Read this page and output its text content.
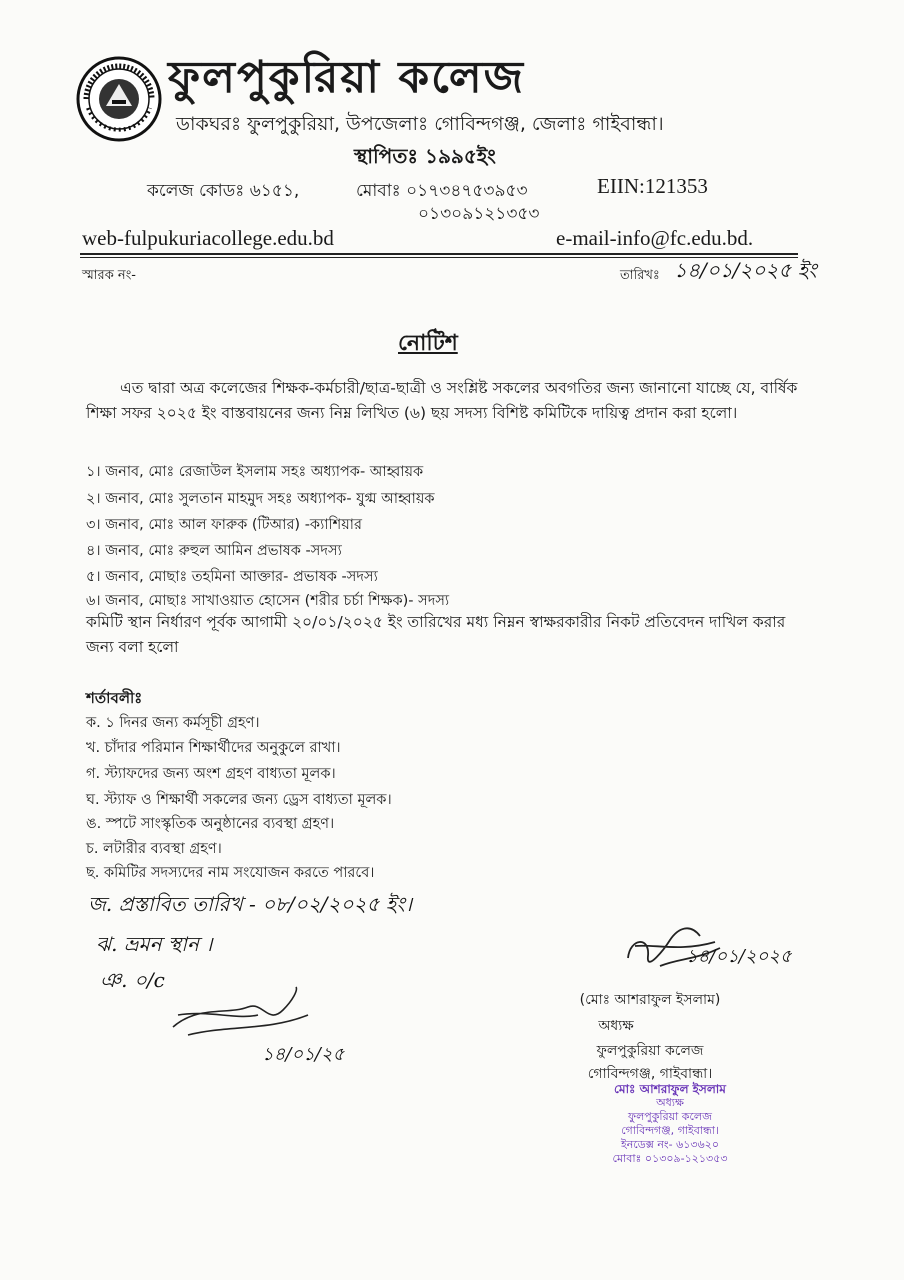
ফুলপুকুরিয়া কলেজ
ডাকঘরঃ ফুলপুকুরিয়া, উপজেলাঃ গোবিন্দগঞ্জ, জেলাঃ গাইবান্ধা।
স্থাপিতঃ ১৯৯৫ইং
কলেজ কোডঃ ৬১৫১,	মোবাঃ ০১৭৩৪৭৫৩৯৫৩
০১৩০৯১২১৩৫৩
EIIN:121353
web-fulpukuriacollege.edu.bd	e-mail-info@fc.edu.bd.
স্মারক নং-	তারিখঃ ১৪/০১/২০২৫ ইং
নোটিশ
এত দ্বারা অত্র কলেজের শিক্ষক-কর্মচারী/ছাত্র-ছাত্রী ও সংশ্লিষ্ট সকলের অবগতির জন্য জানানো যাচ্ছে যে, বার্ষিক শিক্ষা সফর ২০২৫ ইং বাস্তবায়নের জন্য নিম্ন লিখিত (৬) ছয় সদস্য বিশিষ্ট কমিটিকে দায়িত্ব প্রদান করা হলো।
১। জনাব, মোঃ রেজাউল ইসলাম সহঃ অধ্যাপক- আহ্বায়ক
২। জনাব, মোঃ সুলতান মাহমুদ সহঃ অধ্যাপক- যুগ্ম আহ্বায়ক
৩। জনাব, মোঃ আল ফারুক (টিআর) -ক্যাশিয়ার
৪। জনাব, মোঃ রুহুল আমিন প্রভাষক -সদস্য
৫। জনাব, মোছাঃ তহমিনা আক্তার- প্রভাষক -সদস্য
৬। জনাব, মোছাঃ সাখাওয়াত হোসেন (শরীর চর্চা শিক্ষক)- সদস্য
কমিটি স্থান নির্ধারণ পূর্বক আগামী ২০/০১/২০২৫ ইং তারিখের মধ্য নিম্নন স্বাক্ষরকারীর নিকট প্রতিবেদন দাখিল করার জন্য বলা হলো
শর্তাবলীঃ
ক. ১ দিনর জন্য কর্মসূচী গ্রহণ।
খ. চাঁদার পরিমান শিক্ষার্থীদের অনুকুলে রাখা।
গ. স্ট্যাফদের জন্য অংশ গ্রহণ বাধ্যতা মূলক।
ঘ. স্ট্যাফ ও শিক্ষার্থী সকলের জন্য ড্রেস বাধ্যতা মূলক।
ঙ. স্পটে সাংস্কৃতিক অনুষ্ঠানের ব্যবস্থা গ্রহণ।
চ. লটারীর ব্যবস্থা গ্রহণ।
ছ. কমিটির সদস্যদের নাম সংযোজন করতে পারবে।
জ. প্রস্তাবিত তারিখ - ০৮/০২/২০২৫ ইং।
ঝ. ভ্রমন স্থান ।
ঞ. ০/c
১৪/০১/২৫
১৪/০১/২০২৫
(মোঃ আশরাফুল ইসলাম)
অধ্যক্ষ
ফুলপুকুরিয়া কলেজ
গোবিন্দগঞ্জ, গাইবান্ধা।
মোঃ আশরাফুল ইসলাম
অধ্যক্ষ
ফুলপুকুরিয়া কলেজ
গোবিন্দগঞ্জ, গাইবান্ধা।
ইনডেক্স নং- ৬১৩৬২০
মোবাঃ ০১৩০৯-১২১৩৫৩
